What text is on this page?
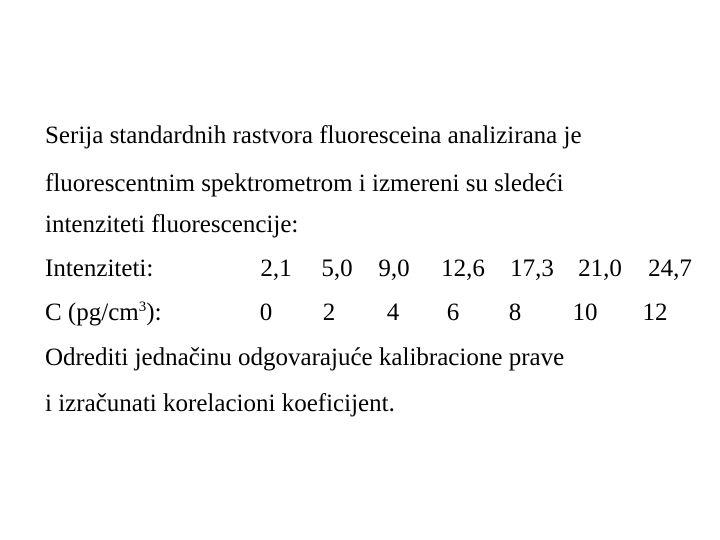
Serija standardnih rastvora fluoresceina analizirana je
fluorescentnim spektrometrom i izmereni su sledeći
intenziteti fluorescencije:
Intenziteti:	2,1 5,0 9,0 12,6 17,3 21,0 24,7
C $(pg/cm^3)$:	0 2 4 6 8 10 12
Odrediti jednačinu odgovarajuće kalibracione prave
i izračunati korelacioni koeficijent.
